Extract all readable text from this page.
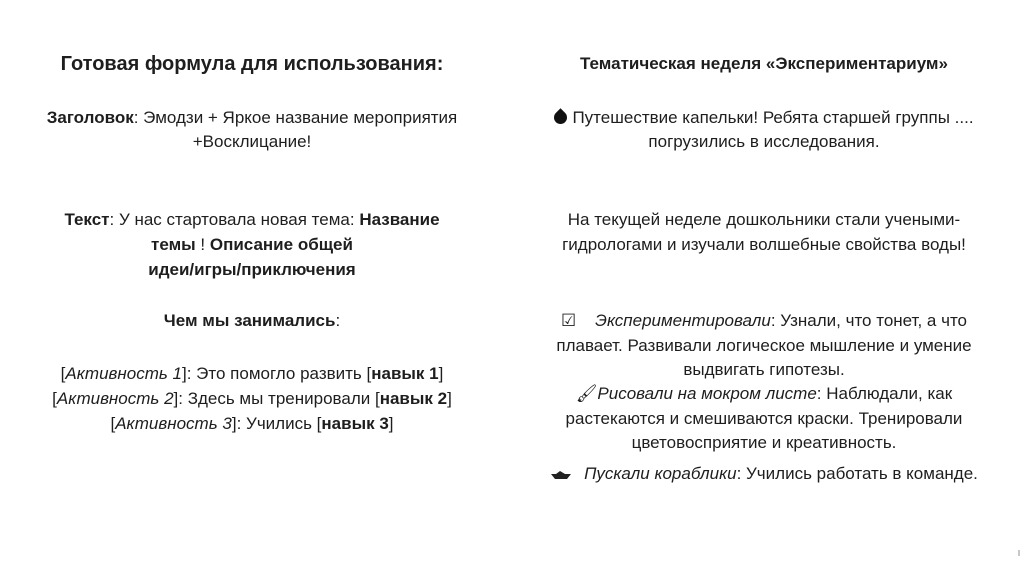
Готовая формула для использования:
Заголовок: Эмодзи + Яркое название мероприятия
+Восклицание!
Текст: У нас стартовала новая тема: Название
темы ! Описание общей
идеи/игры/приключения
Чем мы занимались:
[Активность 1]: Это помогло развить [навык 1]
[Активность 2]: Здесь мы тренировали [навык 2]
[Активность 3]: Учились [навык 3]
Тематическая неделя «Экспериментариум»
Путешествие капельки! Ребята старшей группы ....
погрузились в исследования.
На текущей неделе дошкольники стали учеными-
гидрологами и изучали волшебные свойства воды!
☑ Экспериментировали: Узнали, что тонет, а что
плавает. Развивали логическое мышление и умение
выдвигать гипотезы.
🖌Рисовали на мокром листе: Наблюдали, как
растекаются и смешиваются краски. Тренировали
цветовосприятие и креативность.
Пускали кораблики: Учились работать в команде.
